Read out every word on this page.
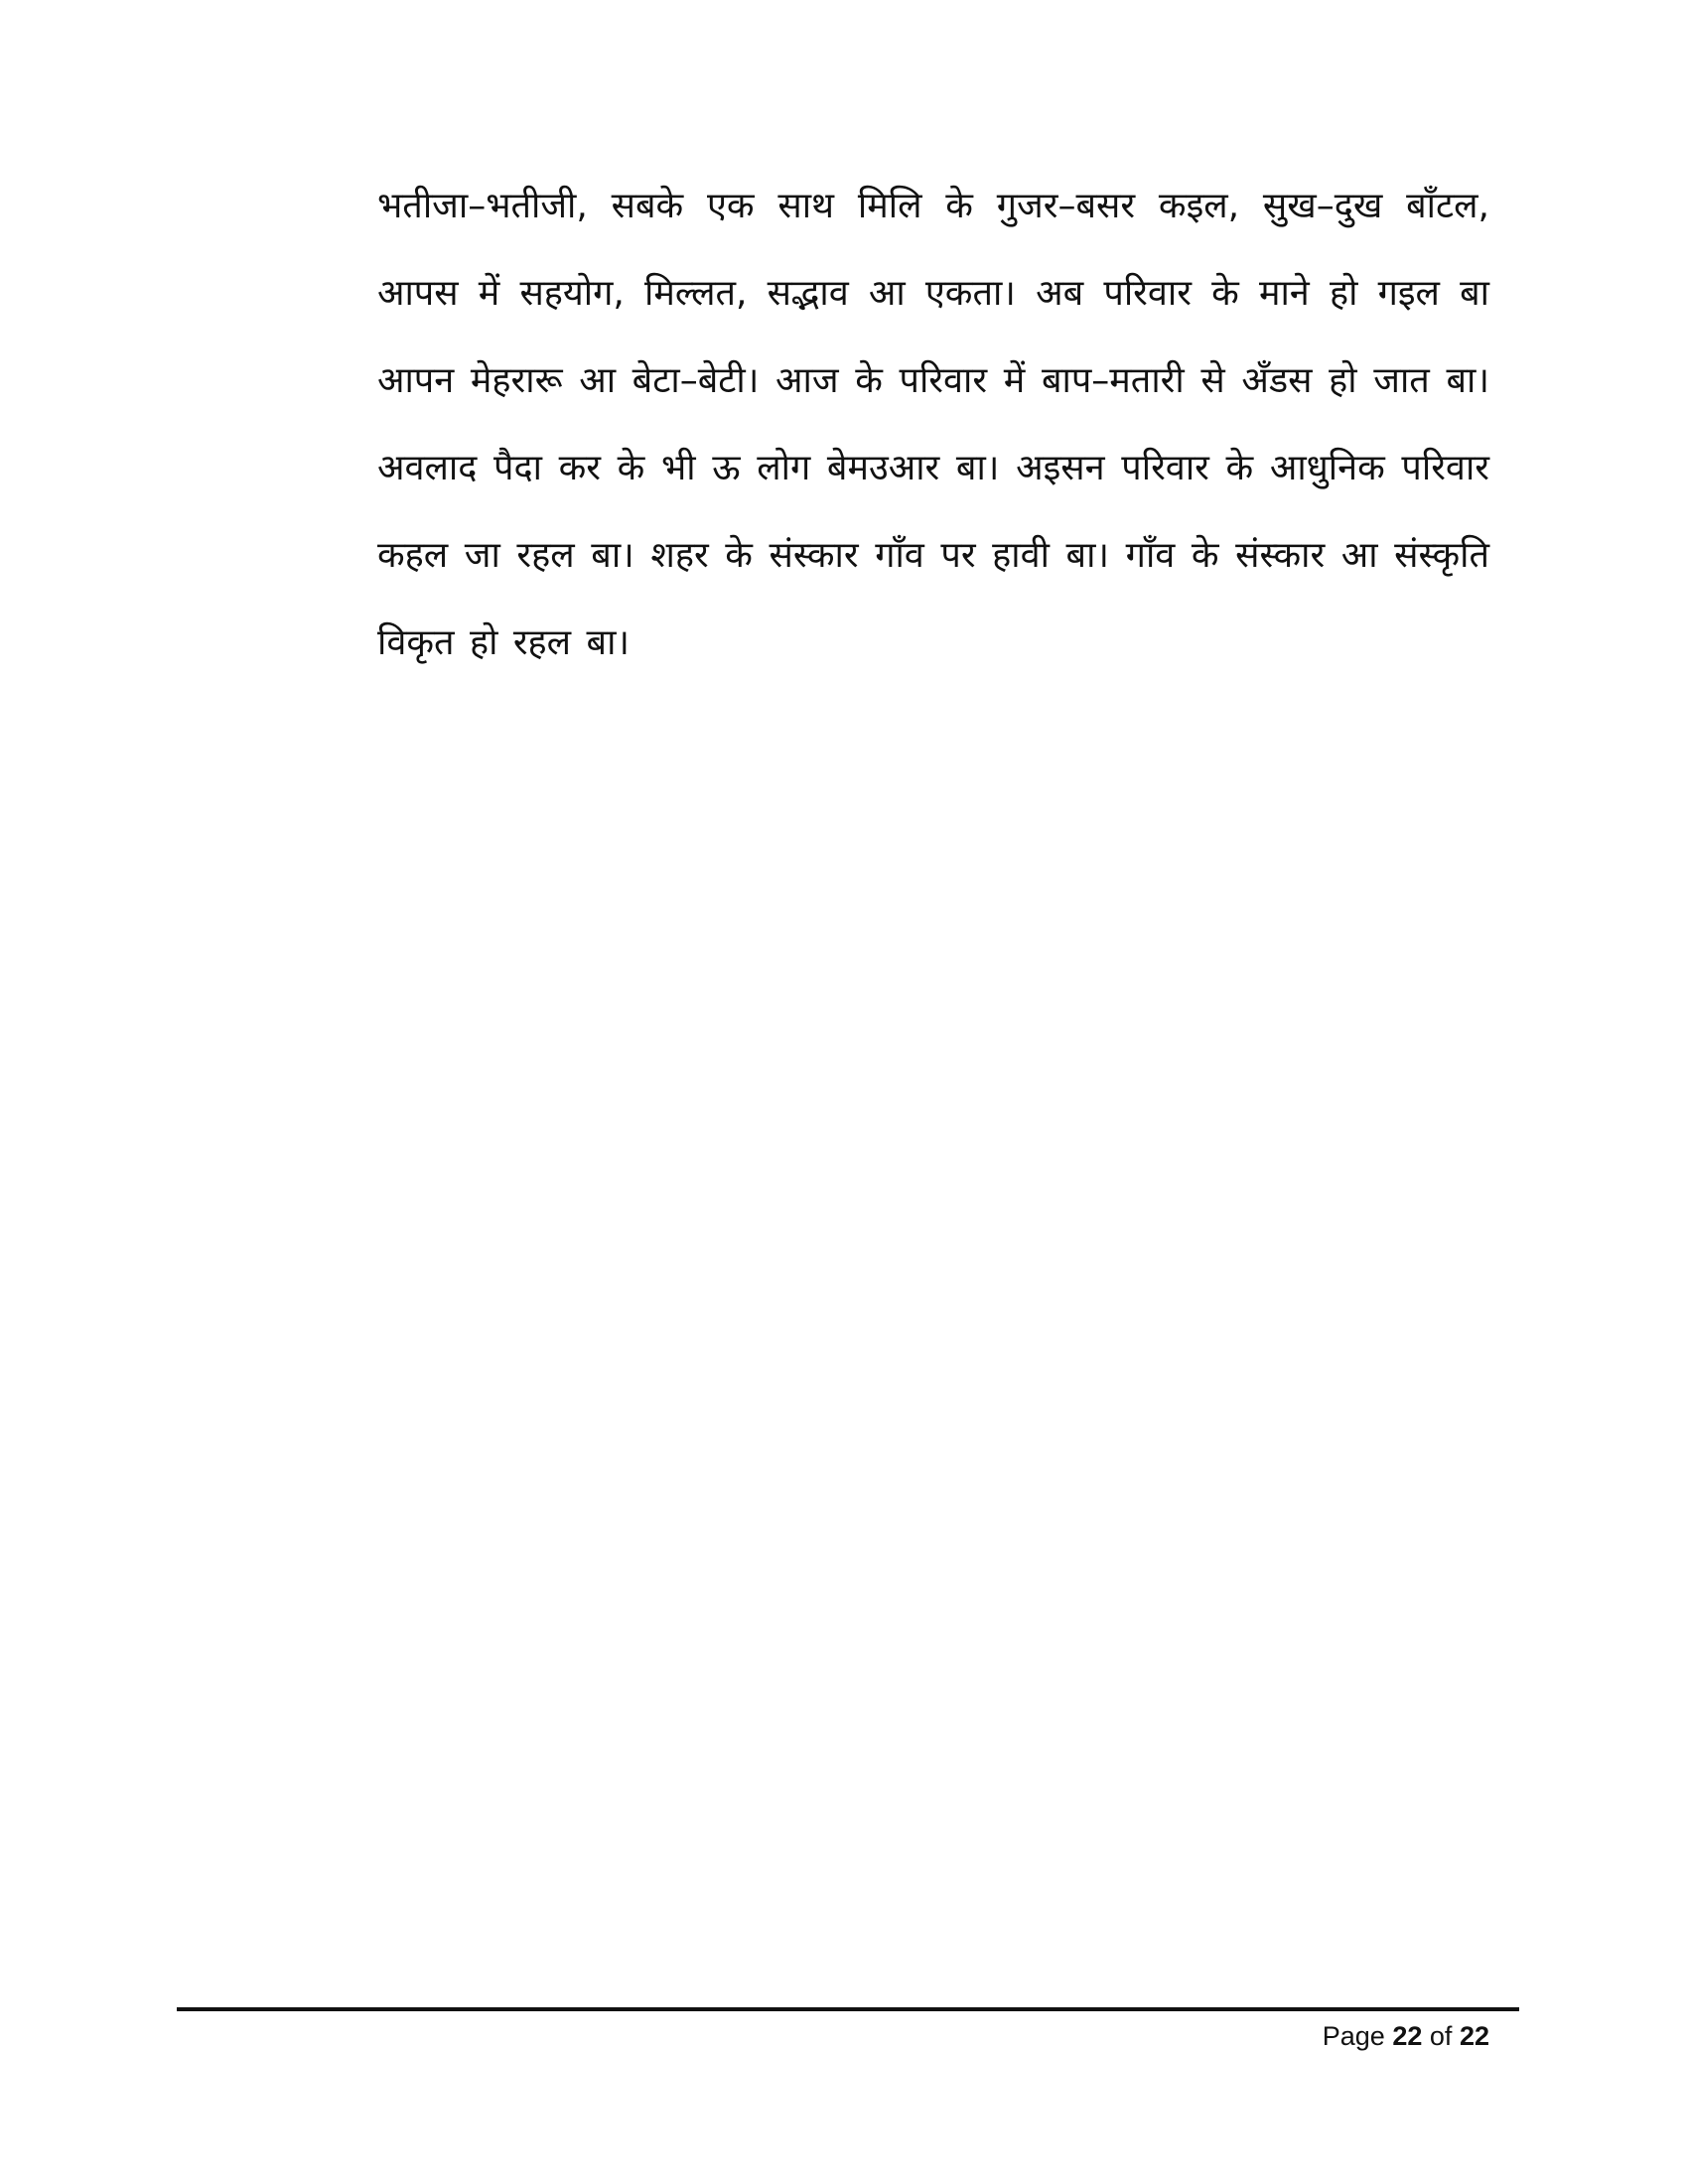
भतीजा–भतीजी, सबके एक साथ मिलि के गुजर–बसर कइल, सुख–दुख बाँटल,
आपस में सहयोग, मिल्लत, सद्भाव आ एकता। अब परिवार के माने हो गइल बा
आपन मेहरारू आ बेटा–बेटी। आज के परिवार में बाप–मतारी से अँडस हो जात बा।
अवलाद पैदा कर के भी ऊ लोग बेमउआर बा। अइसन परिवार के आधुनिक परिवार
कहल जा रहल बा। शहर के संस्कार गाँव पर हावी बा। गाँव के संस्कार आ संस्कृति
विकृत हो रहल बा।
Page 22 of 22
